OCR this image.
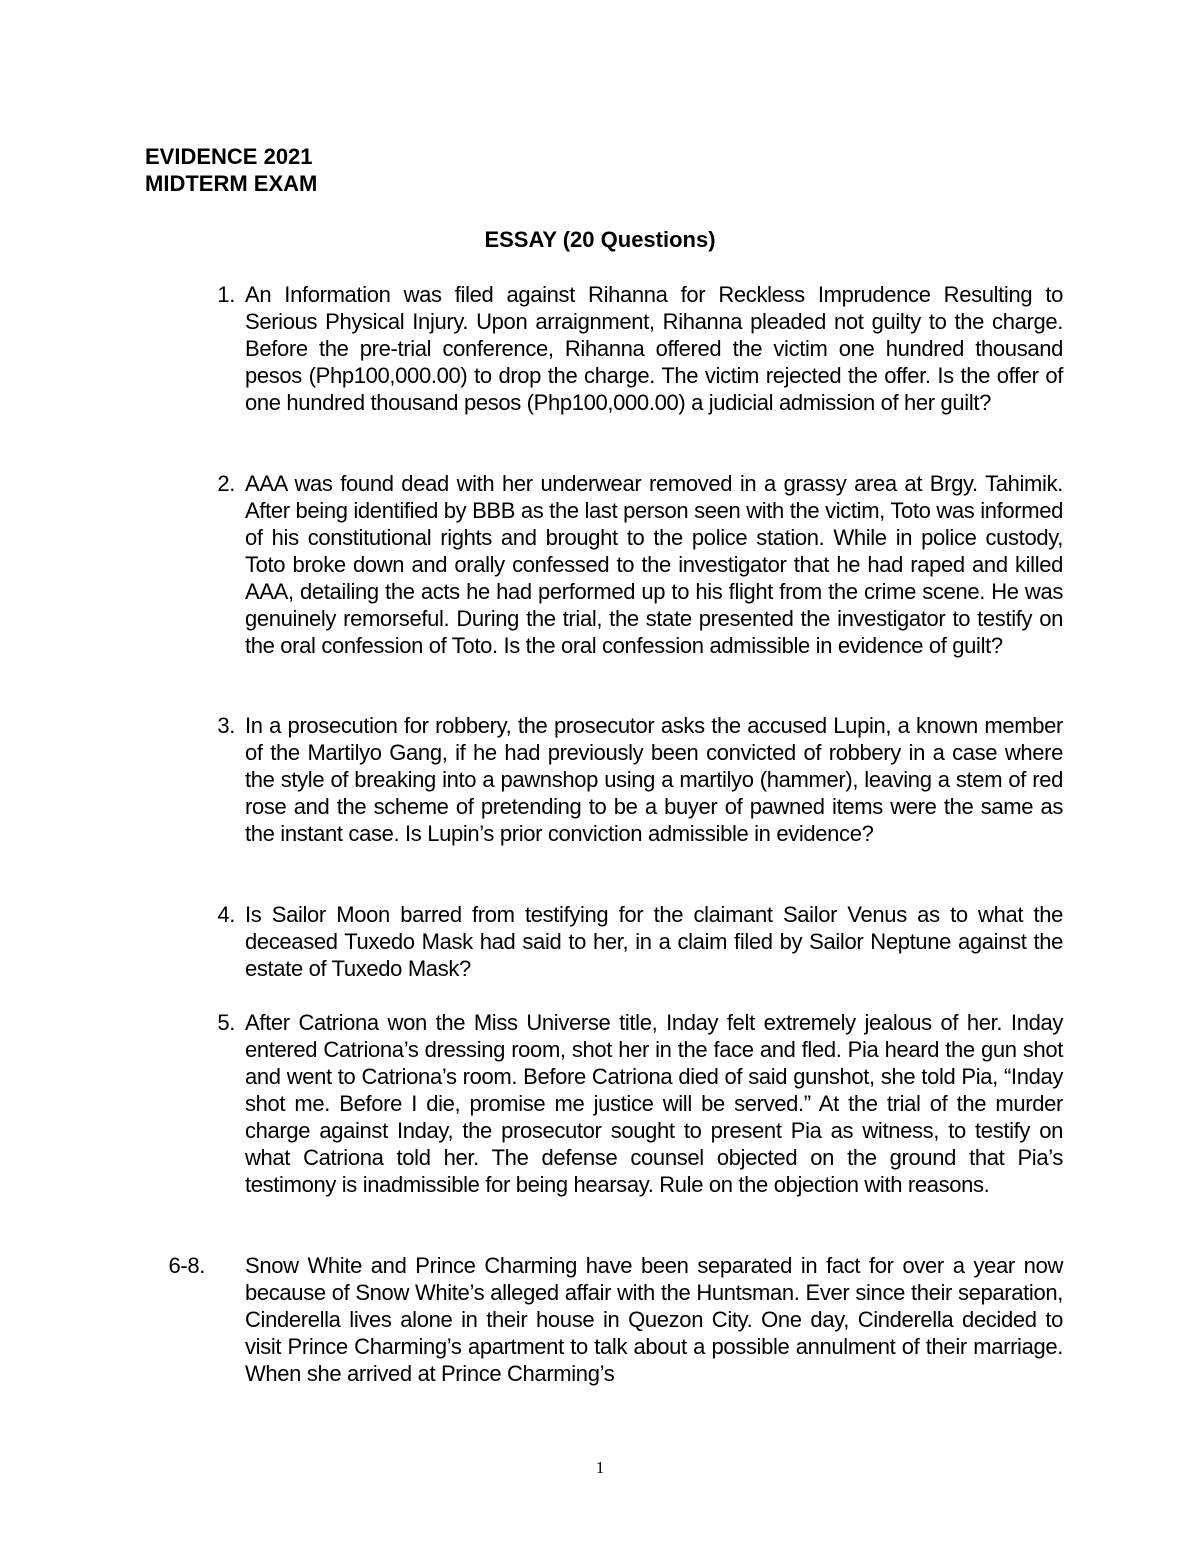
EVIDENCE 2021
MIDTERM EXAM
ESSAY (20 Questions)
1. An Information was filed against Rihanna for Reckless Imprudence Resulting to Serious Physical Injury. Upon arraignment, Rihanna pleaded not guilty to the charge. Before the pre-trial conference, Rihanna offered the victim one hundred thousand pesos (Php100,000.00) to drop the charge. The victim rejected the offer. Is the offer of one hundred thousand pesos (Php100,000.00) a judicial admission of her guilt?
2. AAA was found dead with her underwear removed in a grassy area at Brgy. Tahimik. After being identified by BBB as the last person seen with the victim, Toto was informed of his constitutional rights and brought to the police station. While in police custody, Toto broke down and orally confessed to the investigator that he had raped and killed AAA, detailing the acts he had performed up to his flight from the crime scene. He was genuinely remorseful. During the trial, the state presented the investigator to testify on the oral confession of Toto. Is the oral confession admissible in evidence of guilt?
3. In a prosecution for robbery, the prosecutor asks the accused Lupin, a known member of the Martilyo Gang, if he had previously been convicted of robbery in a case where the style of breaking into a pawnshop using a martilyo (hammer), leaving a stem of red rose and the scheme of pretending to be a buyer of pawned items were the same as the instant case. Is Lupin’s prior conviction admissible in evidence?
4. Is Sailor Moon barred from testifying for the claimant Sailor Venus as to what the deceased Tuxedo Mask had said to her, in a claim filed by Sailor Neptune against the estate of Tuxedo Mask?
5. After Catriona won the Miss Universe title, Inday felt extremely jealous of her. Inday entered Catriona’s dressing room, shot her in the face and fled. Pia heard the gun shot and went to Catriona’s room. Before Catriona died of said gunshot, she told Pia, “Inday shot me. Before I die, promise me justice will be served.” At the trial of the murder charge against Inday, the prosecutor sought to present Pia as witness, to testify on what Catriona told her. The defense counsel objected on the ground that Pia’s testimony is inadmissible for being hearsay. Rule on the objection with reasons.
6-8. Snow White and Prince Charming have been separated in fact for over a year now because of Snow White’s alleged affair with the Huntsman. Ever since their separation, Cinderella lives alone in their house in Quezon City. One day, Cinderella decided to visit Prince Charming’s apartment to talk about a possible annulment of their marriage. When she arrived at Prince Charming’s
1
